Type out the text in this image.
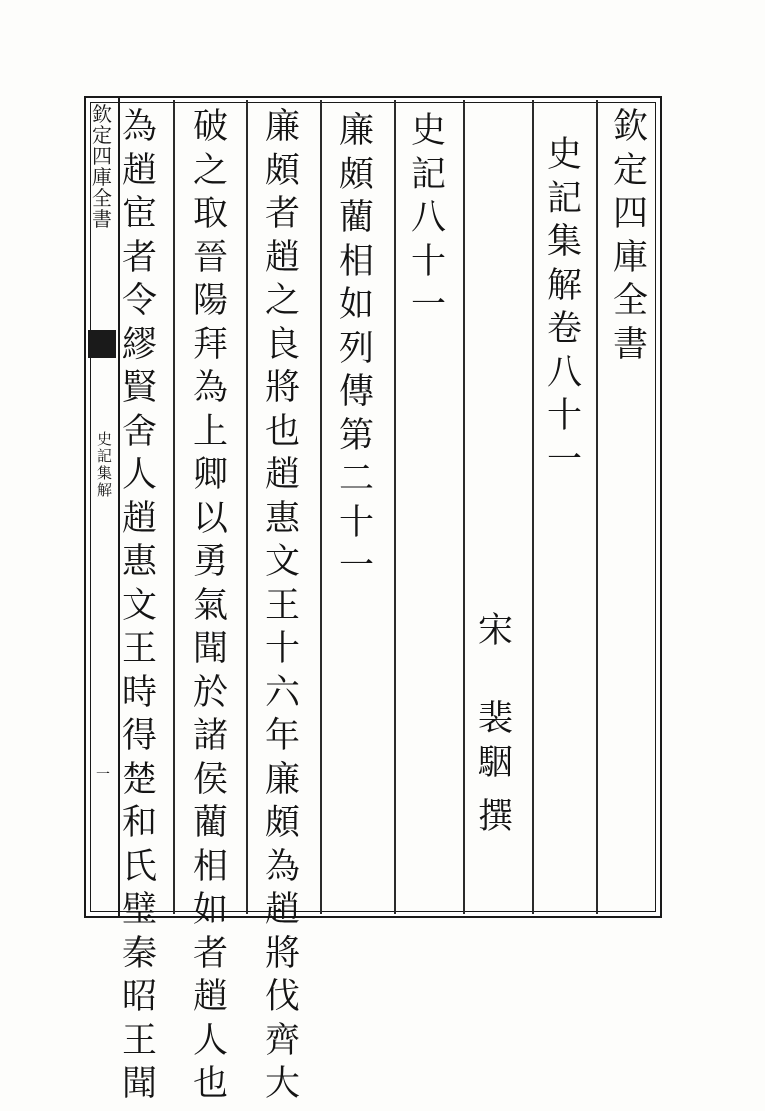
欽
定
四
庫
全
書
史
記
集
解
一
欽
定
四
庫
全
書
史
記
集
解
卷
八
十
一
宋
裴
駰
撰
史
記
八
十
一
廉
頗
藺
相
如
列
傳
第
二
十
一
廉
頗
者
趙
之
良
將
也
趙
惠
文
王
十
六
年
廉
頗
為
趙
將
伐
齊
大
破
之
取
晉
陽
拜
為
上
卿
以
勇
氣
聞
於
諸
侯
藺
相
如
者
趙
人
也
為
趙
宦
者
令
繆
賢
舍
人
趙
惠
文
王
時
得
楚
和
氏
璧
秦
昭
王
聞
